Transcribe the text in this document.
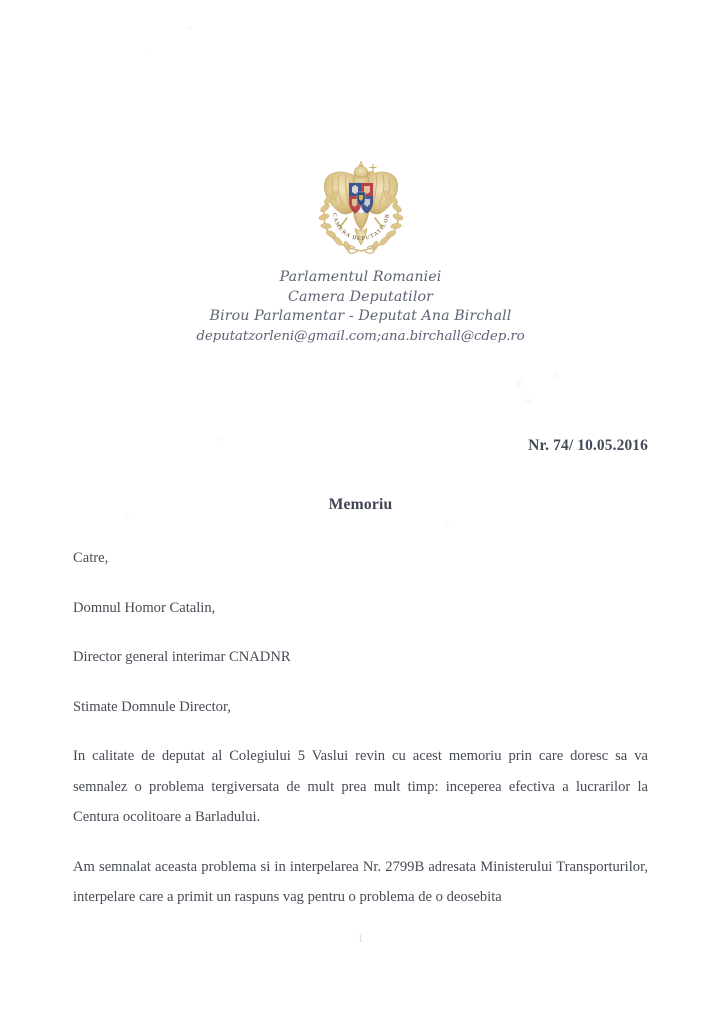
CAMERA DEPUTATILOR
Parlamentul Romaniei
Camera Deputatilor
Birou Parlamentar - Deputat Ana Birchall
deputatzorleni@gmail.com;ana.birchall@cdep.ro
Nr. 74/ 10.05.2016
Memoriu

Catre,

Domnul Homor Catalin,

Director general interimar CNADNR

Stimate Domnule Director,

In calitate de deputat al Colegiului 5 Vaslui revin cu acest memoriu prin care doresc sa va semnalez o problema tergiversata de mult prea mult timp: inceperea efectiva a lucrarilor la Centura ocolitoare a Barladului.

Am semnalat aceasta problema si in interpelarea Nr. 2799B adresata Ministerului Transporturilor, interpelare care a primit un raspuns vag pentru o problema de o deosebita

1
